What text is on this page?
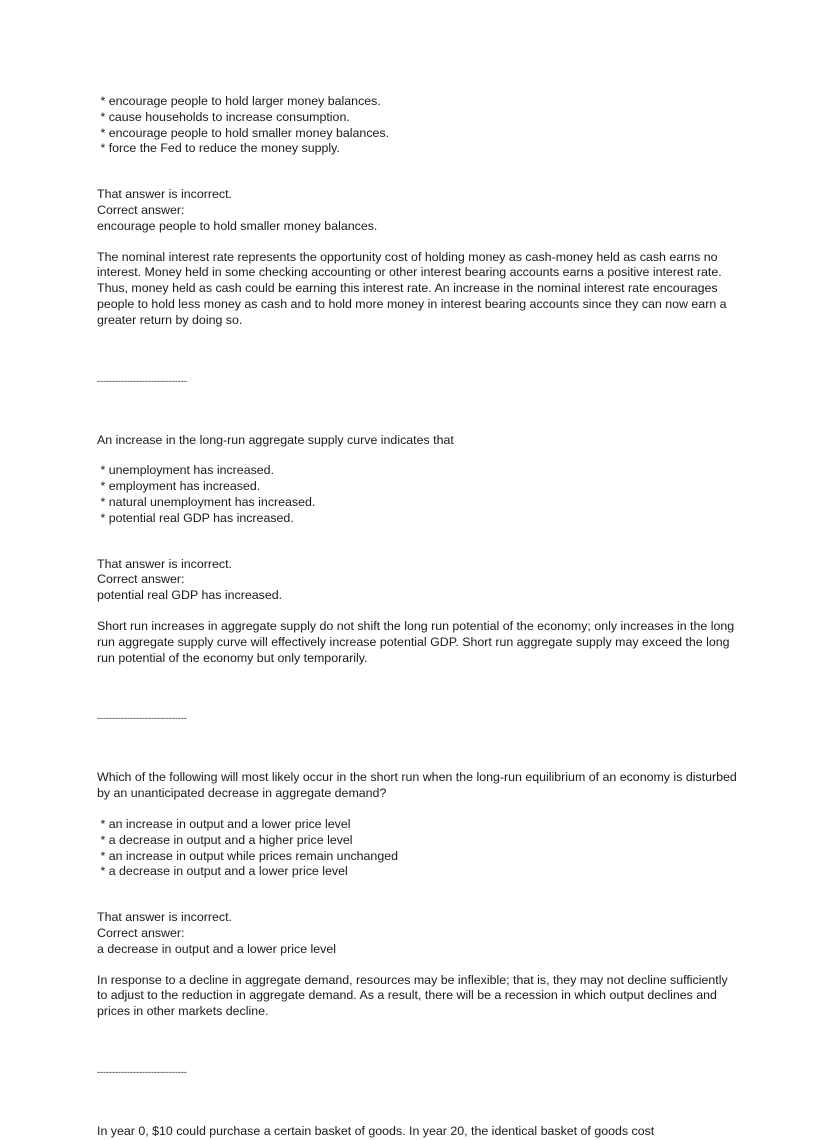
* encourage people to hold larger money balances.
* cause households to increase consumption.
* encourage people to hold smaller money balances.
* force the Fed to reduce the money supply.
That answer is incorrect.
Correct answer:
encourage people to hold smaller money balances.
The nominal interest rate represents the opportunity cost of holding money as cash-money held as cash earns no interest. Money held in some checking accounting or other interest bearing accounts earns a positive interest rate. Thus, money held as cash could be earning this interest rate. An increase in the nominal interest rate encourages people to hold less money as cash and to hold more money in interest bearing accounts since they can now earn a greater return by doing so.
------------------------------
An increase in the long-run aggregate supply curve indicates that
* unemployment has increased.
* employment has increased.
* natural unemployment has increased.
* potential real GDP has increased.
That answer is incorrect.
Correct answer:
potential real GDP has increased.
Short run increases in aggregate supply do not shift the long run potential of the economy; only increases in the long run aggregate supply curve will effectively increase potential GDP. Short run aggregate supply may exceed the long run potential of the economy but only temporarily.
------------------------------
Which of the following will most likely occur in the short run when the long-run equilibrium of an economy is disturbed by an unanticipated decrease in aggregate demand?
* an increase in output and a lower price level
* a decrease in output and a higher price level
* an increase in output while prices remain unchanged
* a decrease in output and a lower price level
That answer is incorrect.
Correct answer:
a decrease in output and a lower price level
In response to a decline in aggregate demand, resources may be inflexible; that is, they may not decline sufficiently to adjust to the reduction in aggregate demand. As a result, there will be a recession in which output declines and prices in other markets decline.
------------------------------
In year 0, $10 could purchase a certain basket of goods. In year 20, the identical basket of goods cost
